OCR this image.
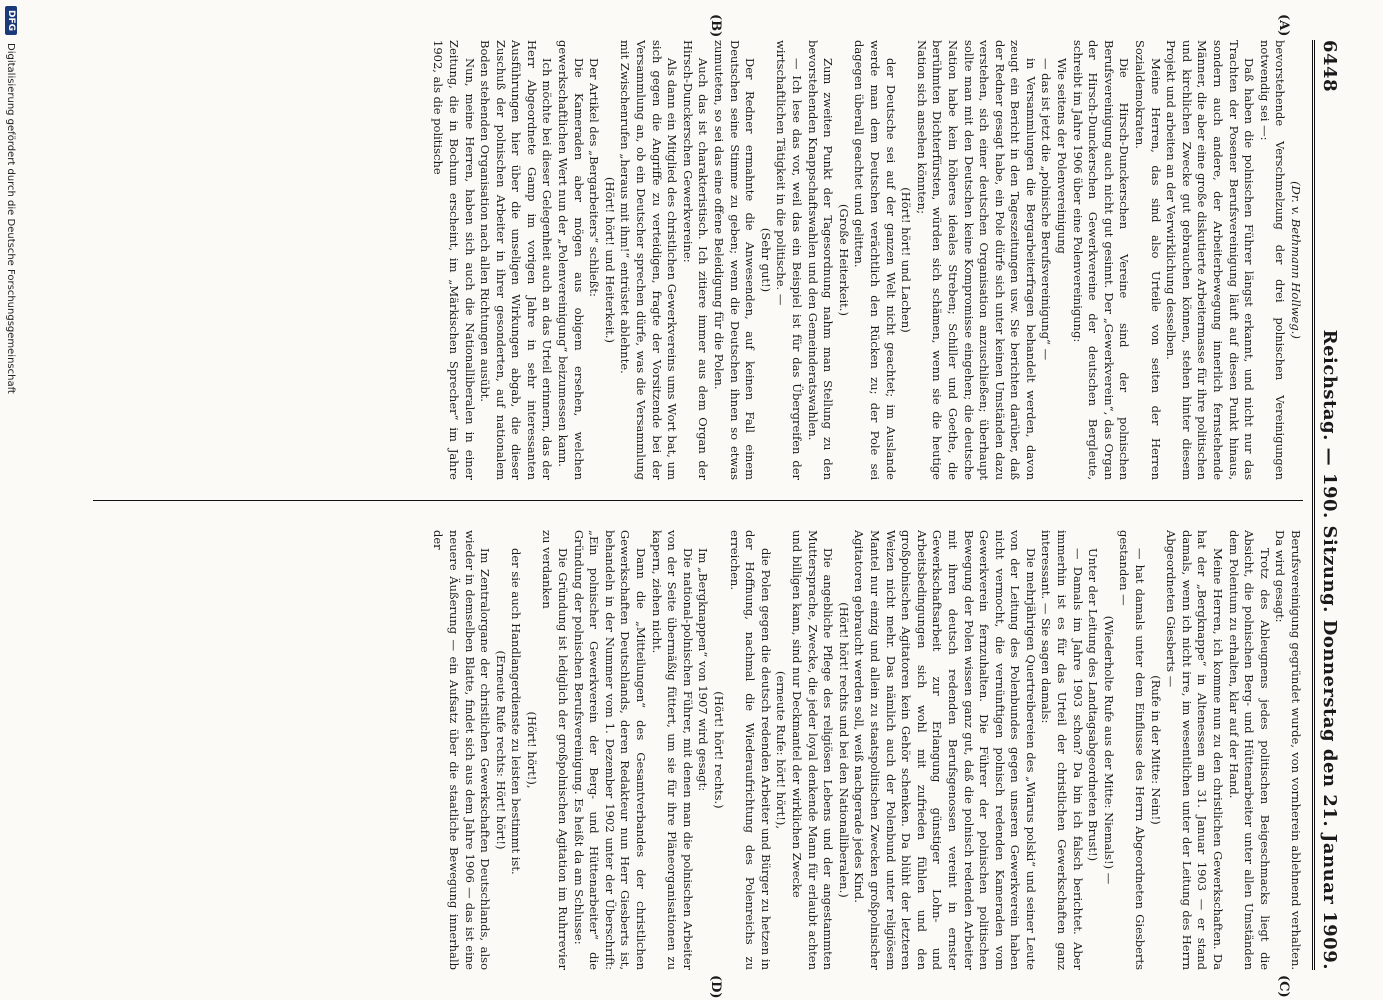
6448
Reichstag. — 190. Sitzung. Donnerstag den 21. Januar 1909.
(A)
(B)
(C)
(D)

(Dr. v. Bethmann Hollweg.)

bevorstehende Verschmelzung der drei polnischen Vereinigungen notwendig sei —:

Daß haben die polnischen Führer längst erkannt, und nicht nur das Trachten der Posener Berufsvereinigung läuft auf diesen Punkt hinaus, sondern auch andere, der Arbeiterbewegung innerlich fernstehende Männer, die aber eine große diskutierte Arbeitermasse für ihre politischen und kirchlichen Zwecke gut gebrauchen können, stehen hinter diesem Projekt und arbeiten an der Verwirklichung desselben.

Meine Herren, das sind also Urteile von seiten der Herren Sozialdemokraten.

Die Hirsch-Dunckerschen Vereine sind der polnischen Berufsvereinigung auch nicht gut gesinnt. Der „Gewerkverein“, das Organ der Hirsch-Dunckerschen Gewerkvereine der deutschen Bergleute, schreibt im Jahre 1906 über eine Polenvereinigung:

Wie seitens der Polenvereinigung

— das ist jetzt die „polnische Berufsvereinigung“ —

in Versammlungen die Bergarbeiterfragen behandelt werden, davon zeugt ein Bericht in den Tageszeitungen usw. Sie berichten darüber, daß der Redner gesagt habe, ein Pole dürfe sich unter keinen Umständen dazu verstehen, sich einer deutschen Organisation anzuschließen; überhaupt sollte man mit den Deutschen keine Kompromisse eingehen; die deutsche Nation habe kein höheres ideales Streben; Schiller und Goethe, die berühmten Dichterfürsten, würden sich schämen, wenn sie die heutige Nation sich ansehen könnten;

(Hört! hört! und Lachen)

der Deutsche sei auf der ganzen Welt nicht geachtet; im Auslande werde man dem Deutschen verächtlich den Rücken zu; der Pole sei dagegen überall geachtet und gelitten.

(Große Heiterkeit.)

Zum zweiten Punkt der Tagesordnung nahm man Stellung zu den bevorstehenden Knappschaftswahlen und den Gemeinderatswahlen.

— Ich lese das vor, weil das ein Beispiel ist für das Übergreifen der wirtschaftlichen Tätigkeit in die politische. —

(Sehr gut!)

Der Redner ermahnte die Anwesenden, auf keinen Fall einem Deutschen seine Stimme zu geben; wenn die Deutschen ihnen so etwas zumuteten, so sei das eine offene Beleidigung für die Polen.

Auch das ist charakteristisch. Ich zitiere immer aus dem Organ der Hirsch-Dunckerschen Gewerkvereine:

Als dann ein Mitglied des christlichen Gewerkvereins ums Wort bat, um sich gegen die Angriffe zu verteidigen, fragte der Vorsitzende bei der Versammlung an, ob ein Deutscher sprechen dürfe, was die Versammlung mit Zwischenrufen „heraus mit ihm!“ entrüstet ablehnte.

(Hört! hört! und Heiterkeit.)

Der Artikel des „Bergarbeiters“ schließt:

Die Kameraden aber mögen aus obigem ersehen, welchen gewerkschaftlichen Wert nun der „Polenvereinigung“ beizumessen kann.

Ich möchte bei dieser Gelegenheit auch an das Urteil erinnern, das der Herr Abgeordnete Gamp im vorigen Jahre in sehr interessanten Ausführungen hier über die unseligen Wirkungen abgab, die dieser Zuschuß der polnischen Arbeiter in ihrer gesonderten, auf nationalem Boden stehenden Organisation nach allen Richtungen ausübt.

Nun, meine Herren, haben sich auch die Nationalliberalen in einer Zeitung, die in Bochum erscheint, im „Märkischen Sprecher“ im Jahre 1902, als die politische

Berufsvereinigung gegründet wurde, von vornherein ablehnend verhalten. Da wird gesagt:

Trotz des Ableugnens jedes politischen Beigeschmacks liegt die Absicht, die polnischen Berg- und Hüttenarbeiter unter allen Umständen dem Polentum zu erhalten, klar auf der Hand.

Meine Herren, ich komme nun zu den christlichen Gewerkschaften. Da hat der „Bergknappe“ in Altenessen am 31. Januar 1903 — er stand damals, wenn ich nicht irre, im wesentlichen unter der Leitung des Herrn Abgeordneten Giesberts —

(Rufe in der Mitte: Nein!)

— hat damals unter dem Einflusse des Herrn Abgeordneten Giesberts gestanden —

(Wiederholte Rufe aus der Mitte: Niemals!) —

Unter der Leitung des Landtagsabgeordneten Brust!)

— Damals im Jahre 1903 schon? Da bin ich falsch berichtet. Aber immerhin ist es für das Urteil der christlichen Gewerkschaften ganz interessant. — Sie sagen damals:

Die mehrjährigen Quertreibereien des „Wiarus polski“ und seiner Leute von der Leitung des Polenbundes gegen unseren Gewerkverein haben nicht vermocht, die vernünftigen polnisch redenden Kameraden vom Gewerkverein fernzuhalten. Die Führer der polnischen politischen Bewegung der Polen wissen ganz gut, daß die polnisch redenden Arbeiter mit ihren deutsch redenden Berufsgenossen vereint in ernster Gewerkschaftsarbeit zur Erlangung günstiger Lohn- und Arbeitsbedingungen sich wohl mit zufrieden fühlen und den großpolnischen Agitatoren kein Gehör schenken. Da blüht der letzteren Weizen nicht mehr. Das nämlich auch der Polenbund unter religiösem Mantel nur einzig und allein zu staatspolitischen Zwecken großpolnischer Agitatoren gebraucht werden soll, weiß nachgerade jedes Kind.

(Hört! hört! rechts und bei den Nationalliberalen.)

Die angebliche Pflege des religiösen Lebens und der angestammten Muttersprache, Zwecke, die jeder loyal denkende Mann für erlaubt achten und billigen kann, sind nur Deckmantel der wirklichen Zwecke

(erneute Rufe: hört! hört!),

die Polen gegen die deutsch redenden Arbeiter und Bürger zu hetzen in der Hoffnung, nachmal die Wiederaufrichtung des Polenreichs zu erreichen.

(Hört! hört! rechts.)

Im „Bergknappen“ von 1907 wird gesagt:

Die national-polnischen Führer, mit denen man die polnischen Arbeiter von der Seite übermäßig füttert, um sie für ihre Pläneorganisationen zu kapern, ziehen nicht.

Dann die „Mitteilungen“ des Gesamtverbandes der christlichen Gewerkschaften Deutschlands, deren Redakteur nun Herr Giesberts ist, behandeln in der Nummer vom 1. Dezember 1902 unter der Überschrift: „Ein polnischer Gewerkverein der Berg- und Hüttenarbeiter“ die Gründung der polnischen Berufsvereinigung. Es heißt da am Schlusse:

Die Gründung ist lediglich der großpolnischen Agitation im Ruhrrevier zu verdanken

(Hört! hört!),

der sie auch Handlangerdienste zu leisten bestimmt ist.

(Erneute Rufe rechts: Hört! hört!)

Im Zentralorgane der christlichen Gewerkschaften Deutschlands, also wieder in demselben Blatte, findet sich aus dem Jahre 1906 — das ist eine neuere Äußerung — ein Aufsatz über die staatliche Bewegung innerhalb der

DFG
Digitalisierung gefördert durch die Deutsche Forschungsgemeinschaft
